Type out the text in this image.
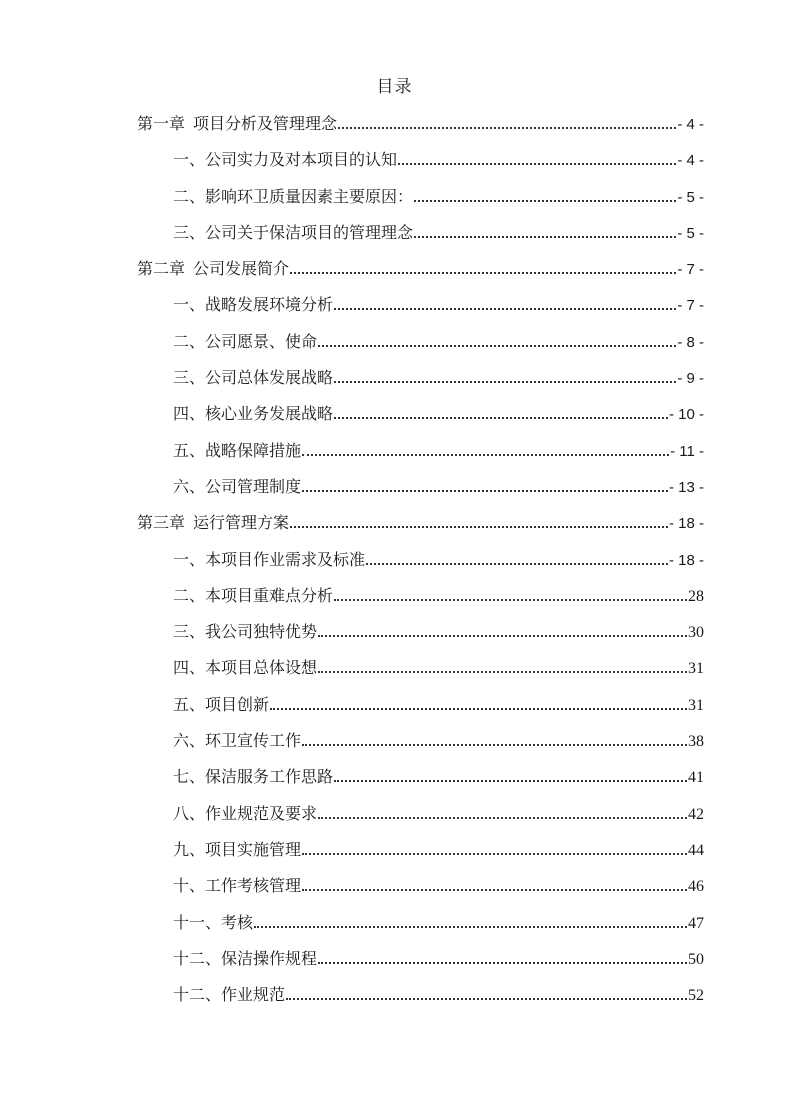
目录
第一章 项目分析及管理理念	- 4 -
一、公司实力及对本项目的认知	- 4 -
二、影响环卫质量因素主要原因：	- 5 -
三、公司关于保洁项目的管理理念	- 5 -
第二章 公司发展简介	- 7 -
一、战略发展环境分析	- 7 -
二、公司愿景、使命	- 8 -
三、公司总体发展战略	- 9 -
四、核心业务发展战略	- 10 -
五、战略保障措施	- 11 -
六、公司管理制度	- 13 -
第三章 运行管理方案	- 18 -
一、本项目作业需求及标准	- 18 -
二、本项目重难点分析	28
三、我公司独特优势	30
四、本项目总体设想	31
五、项目创新	31
六、环卫宣传工作	38
七、保洁服务工作思路	41
八、作业规范及要求	42
九、项目实施管理	44
十、工作考核管理	46
十一、考核	47
十二、保洁操作规程	50
十二、作业规范	52
